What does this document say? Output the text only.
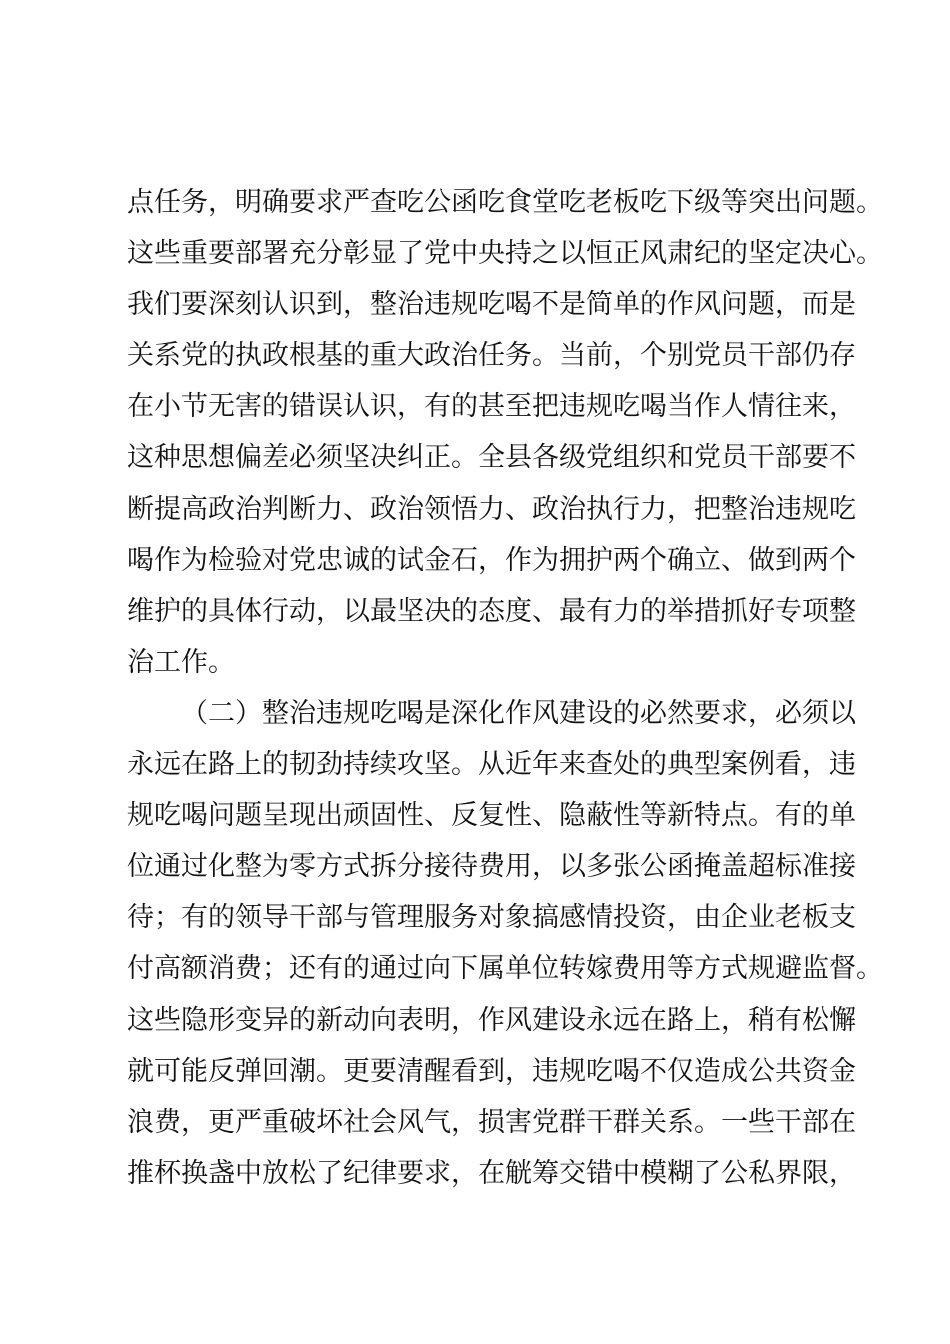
点 任 务 ， 明 确 要 求 严 查 吃 公 函 吃 食 堂 吃 老 板 吃 下 级 等 突 出 问 题 。
这 些 重 要 部 署 充 分 彰 显 了 党 中 央 持 之 以 恒 正 风 肃 纪 的 坚 定 决 心 。
我 们 要 深 刻 认 识 到 ， 整 治 违 规 吃 喝 不 是 简 单 的 作 风 问 题 ， 而 是
关 系 党 的 执 政 根 基 的 重 大 政 治 任 务 。 当 前 ， 个 别 党 员 干 部 仍 存
在 小 节 无 害 的 错 误 认 识 ， 有 的 甚 至 把 违 规 吃 喝 当 作 人 情 往 来 ，
这 种 思 想 偏 差 必 须 坚 决 纠 正 。 全 县 各 级 党 组 织 和 党 员 干 部 要 不
断 提 高 政 治 判 断 力 、 政 治 领 悟 力 、 政 治 执 行 力 ， 把 整 治 违 规 吃
喝 作 为 检 验 对 党 忠 诚 的 试 金 石 ， 作 为 拥 护 两 个 确 立 、 做 到 两 个
维 护 的 具 体 行 动 ， 以 最 坚 决 的 态 度 、 最 有 力 的 举 措 抓 好 专 项 整
治 工 作 。
（ 二 ） 整 治 违 规 吃 喝 是 深 化 作 风 建 设 的 必 然 要 求 ， 必 须 以
永 远 在 路 上 的 韧 劲 持 续 攻 坚 。 从 近 年 来 查 处 的 典 型 案 例 看 ， 违
规 吃 喝 问 题 呈 现 出 顽 固 性 、 反 复 性 、 隐 蔽 性 等 新 特 点 。 有 的 单
位 通 过 化 整 为 零 方 式 拆 分 接 待 费 用 ， 以 多 张 公 函 掩 盖 超 标 准 接
待 ； 有 的 领 导 干 部 与 管 理 服 务 对 象 搞 感 情 投 资 ， 由 企 业 老 板 支
付 高 额 消 费 ； 还 有 的 通 过 向 下 属 单 位 转 嫁 费 用 等 方 式 规 避 监 督 。
这 些 隐 形 变 异 的 新 动 向 表 明 ， 作 风 建 设 永 远 在 路 上 ， 稍 有 松 懈
就 可 能 反 弹 回 潮 。 更 要 清 醒 看 到 ， 违 规 吃 喝 不 仅 造 成 公 共 资 金
浪 费 ， 更 严 重 破 坏 社 会 风 气 ， 损 害 党 群 干 群 关 系 。 一 些 干 部 在
推 杯 换 盏 中 放 松 了 纪 律 要 求 ， 在 觥 筹 交 错 中 模 糊 了 公 私 界 限 ，
